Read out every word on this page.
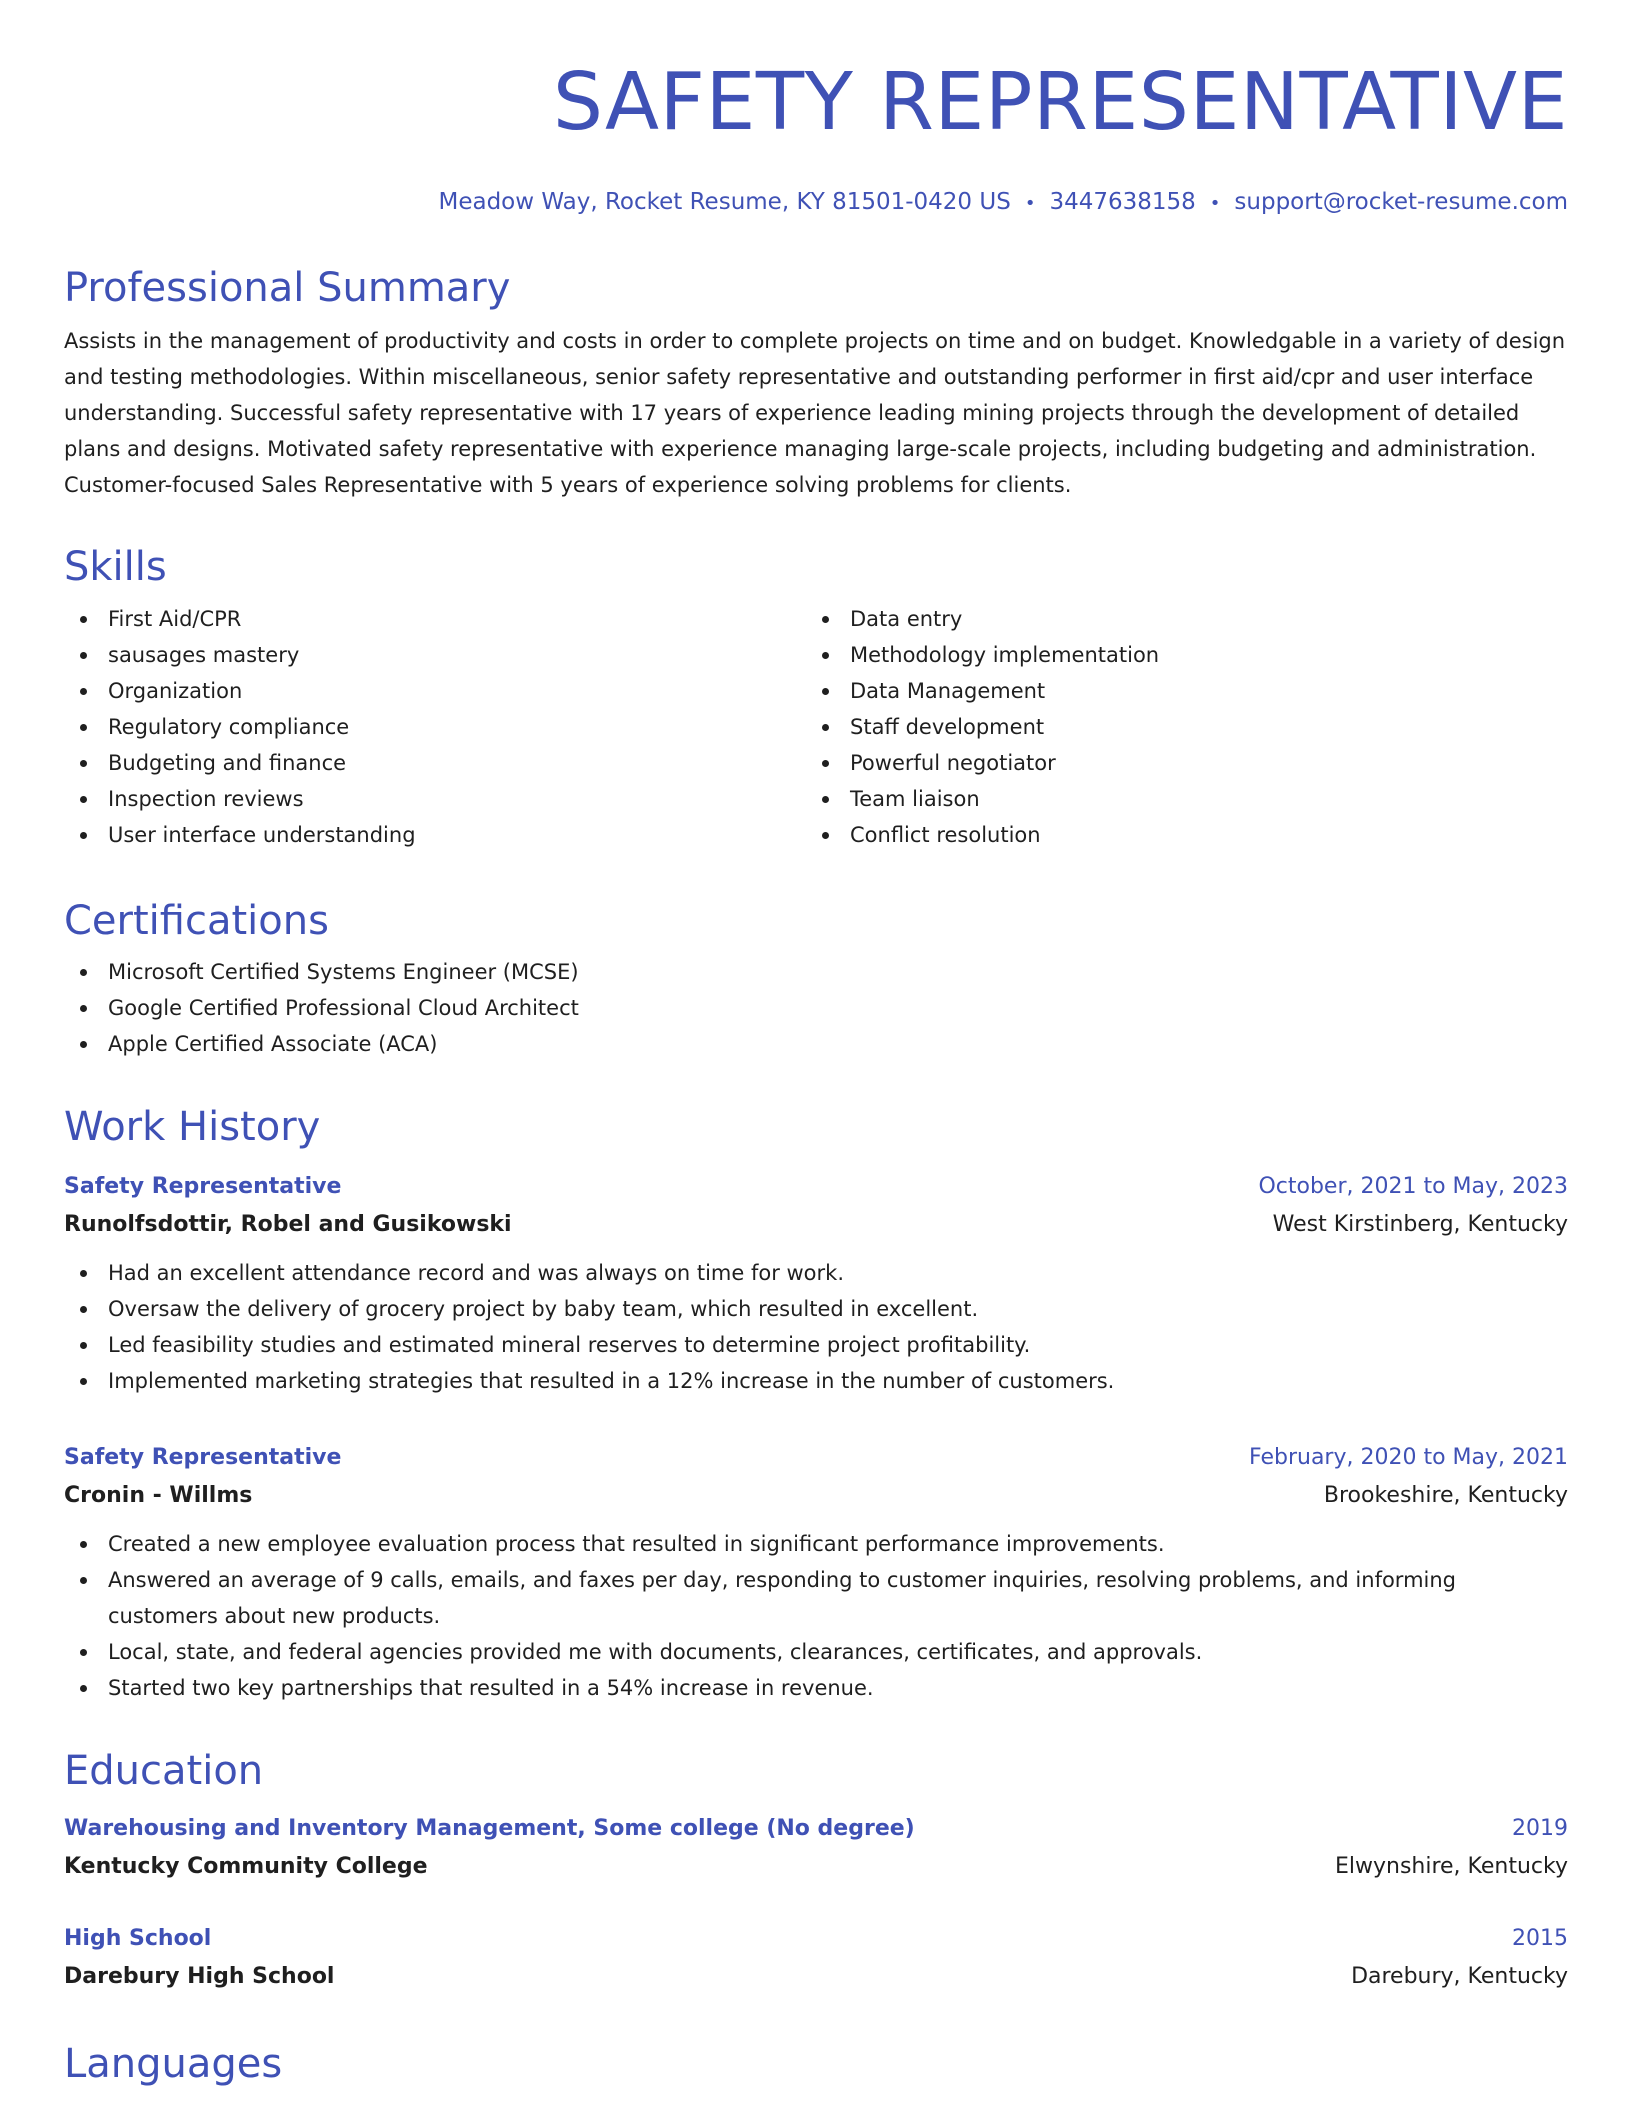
SAFETY REPRESENTATIVE
Meadow Way, Rocket Resume, KY 81501-0420 US • 3447638158 • support@rocket-resume.com
Professional Summary

Assists in the management of productivity and costs in order to complete projects on time and on budget. Knowledgable in a variety of design and testing methodologies. Within miscellaneous, senior safety representative and outstanding performer in first aid/cpr and user interface understanding. Successful safety representative with 17 years of experience leading mining projects through the development of detailed plans and designs. Motivated safety representative with experience managing large-scale projects, including budgeting and administration. Customer-focused Sales Representative with 5 years of experience solving problems for clients.

Skills
First Aid/CPR
sausages mastery
Organization
Regulatory compliance
Budgeting and finance
Inspection reviews
User interface understanding
Data entry
Methodology implementation
Data Management
Staff development
Powerful negotiator
Team liaison
Conflict resolution
Certifications
Microsoft Certified Systems Engineer (MCSE)
Google Certified Professional Cloud Architect
Apple Certified Associate (ACA)
Work History
Safety Representative	October, 2021 to May, 2023
Runolfsdottir, Robel and Gusikowski	West Kirstinberg, Kentucky
Had an excellent attendance record and was always on time for work.
Oversaw the delivery of grocery project by baby team, which resulted in excellent.
Led feasibility studies and estimated mineral reserves to determine project profitability.
Implemented marketing strategies that resulted in a 12% increase in the number of customers.
Safety Representative	February, 2020 to May, 2021
Cronin - Willms	Brookeshire, Kentucky
Created a new employee evaluation process that resulted in significant performance improvements.
Answered an average of 9 calls, emails, and faxes per day, responding to customer inquiries, resolving problems, and informing customers about new products.
Local, state, and federal agencies provided me with documents, clearances, certificates, and approvals.
Started two key partnerships that resulted in a 54% increase in revenue.
Education
Warehousing and Inventory Management, Some college (No degree)	2019
Kentucky Community College	Elwynshire, Kentucky
High School	2015
Darebury High School	Darebury, Kentucky
Languages
